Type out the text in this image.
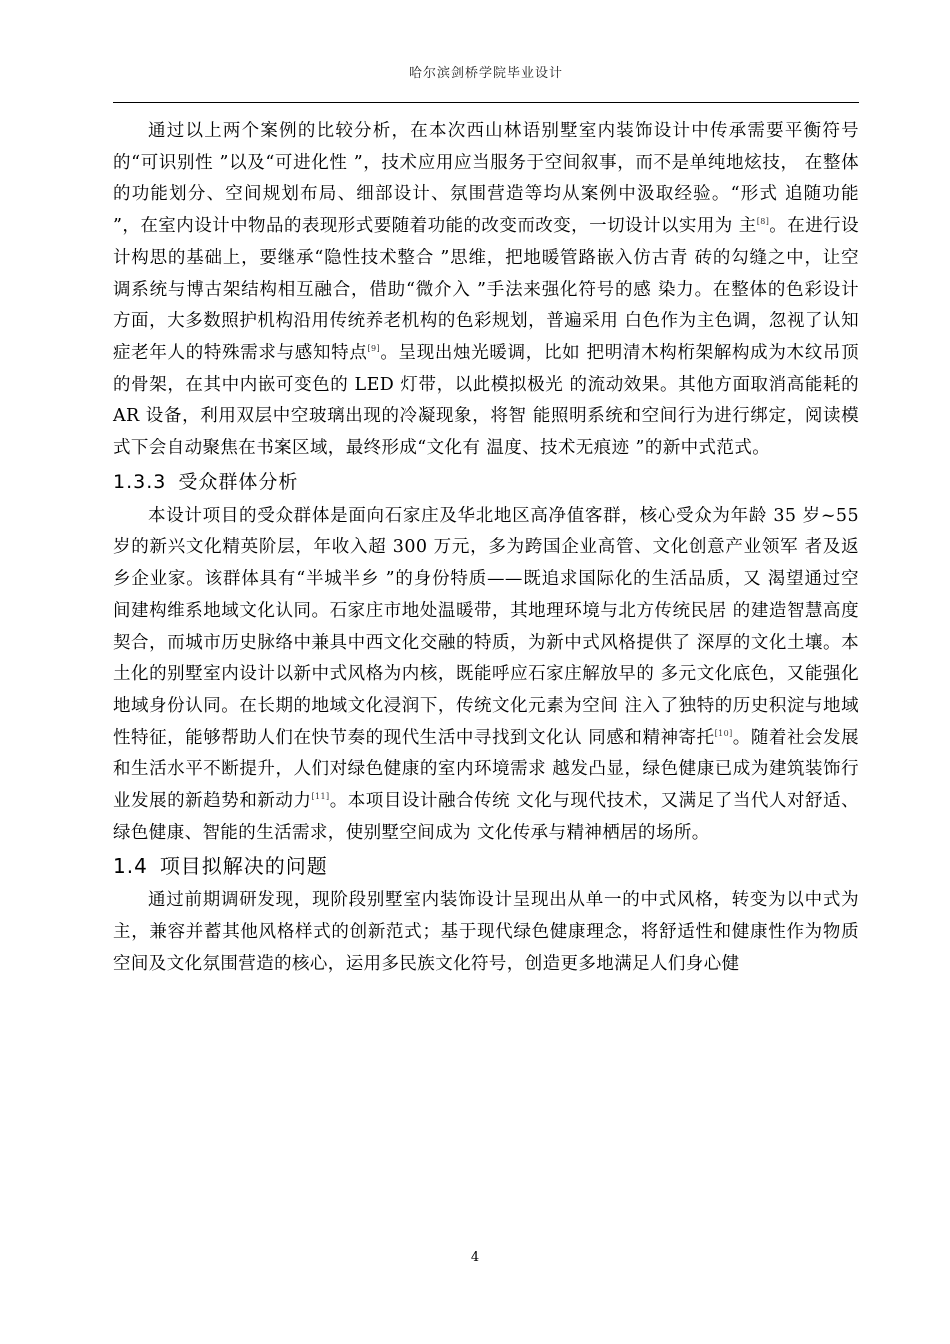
哈尔滨剑桥学院毕业设计

通过以上两个案例的比较分析，在本次西山林语别墅室内装饰设计中传承需要平衡符号的“可识别性 ”以及“可进化性 ”，技术应用应当服务于空间叙事，而不是单纯地炫技， 在整体的功能划分、空间规划布局、细部设计、氛围营造等均从案例中汲取经验。“形式 追随功能 ”，在室内设计中物品的表现形式要随着功能的改变而改变，一切设计以实用为 主[8]。在进行设计构思的基础上，要继承“隐性技术整合 ”思维，把地暖管路嵌入仿古青 砖的勾缝之中，让空调系统与博古架结构相互融合，借助“微介入 ”手法来强化符号的感 染力。在整体的色彩设计方面，大多数照护机构沿用传统养老机构的色彩规划，普遍采用 白色作为主色调，忽视了认知症老年人的特殊需求与感知特点[9]。呈现出烛光暖调，比如 把明清木构桁架解构成为木纹吊顶的骨架，在其中内嵌可变色的 LED 灯带，以此模拟极光 的流动效果。其他方面取消高能耗的 AR 设备，利用双层中空玻璃出现的冷凝现象，将智 能照明系统和空间行为进行绑定，阅读模式下会自动聚焦在书案区域，最终形成“文化有 温度、技术无痕迹 ”的新中式范式。

1.3.3 受众群体分析

本设计项目的受众群体是面向石家庄及华北地区高净值客群，核心受众为年龄 35 岁~55 岁的新兴文化精英阶层，年收入超 300 万元，多为跨国企业高管、文化创意产业领军 者及返乡企业家。该群体具有“半城半乡 ”的身份特质——既追求国际化的生活品质，又 渴望通过空间建构维系地域文化认同。石家庄市地处温暖带，其地理环境与北方传统民居 的建造智慧高度契合，而城市历史脉络中兼具中西文化交融的特质，为新中式风格提供了 深厚的文化土壤。本土化的别墅室内设计以新中式风格为内核，既能呼应石家庄解放早的 多元文化底色，又能强化地域身份认同。在长期的地域文化浸润下，传统文化元素为空间 注入了独特的历史积淀与地域性特征，能够帮助人们在快节奏的现代生活中寻找到文化认 同感和精神寄托[10]。随着社会发展和生活水平不断提升，人们对绿色健康的室内环境需求 越发凸显，绿色健康已成为建筑装饰行业发展的新趋势和新动力[11]。本项目设计融合传统 文化与现代技术，又满足了当代人对舒适、绿色健康、智能的生活需求，使别墅空间成为 文化传承与精神栖居的场所。

1.4 项目拟解决的问题

通过前期调研发现，现阶段别墅室内装饰设计呈现出从单一的中式风格，转变为以中式为主，兼容并蓄其他风格样式的创新范式；基于现代绿色健康理念，将舒适性和健康性作为物质空间及文化氛围营造的核心，运用多民族文化符号，创造更多地满足人们身心健

4
